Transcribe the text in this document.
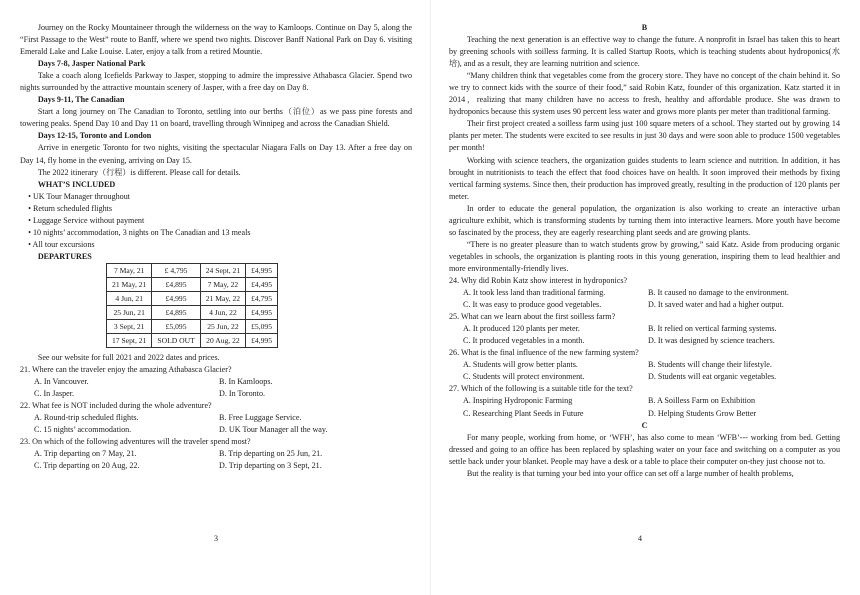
Journey on the Rocky Mountaineer through the wilderness on the way to Kamloops. Continue on Day 5, along the “First Passage to the West” route to Banff, where we spend two nights. Discover Banff National Park on Day 6. visiting Emerald Lake and Lake Louise. Later, enjoy a talk from a retired Mountie.

Days 7-8, Jasper National Park

Take a coach along Icefields Parkway to Jasper, stopping to admire the impressive Athabasca Glacier. Spend two nights surrounded by the attractive mountain scenery of Jasper, with a free day on Day 8.

Days 9-11, The Canadian

Start a long journey on The Canadian to Toronto, settling into our berths（泊位）as we pass pine forests and towering peaks. Spend Day 10 and Day 11 on board, travelling through Winnipeg and across the Canadian Shield.

Days 12-15, Toronto and London

Arrive in energetic Toronto for two nights, visiting the spectacular Niagara Falls on Day 13. After a free day on Day 14, fly home in the evening, arriving on Day 15.

The 2022 itinerary（行程）is different. Please call for details.

WHAT’S INCLUDED

• UK Tour Manager throughout

• Return scheduled flights

• Luggage Service without payment

• 10 nights’ accommodation, 3 nights on The Canadian and 13 meals

• All tour excursions

DEPARTURES

7 May, 21	£ 4,795	24 Sept, 21	£4,995
21 May, 21	£4,895	7 May, 22	£4,495
4 Jun, 21	£4,995	21 May, 22	£4,795
25 Jun, 21	£4,895	4 Jun, 22	£4,995
3 Sept, 21	£5,095	25 Jun, 22	£5,095
17 Sept, 21	SOLD OUT	20 Aug, 22	£4,995

See our website for full 2021 and 2022 dates and prices.

21. Where can the traveler enjoy the amazing Athabasca Glacier?

A. In Vancouver.	B. In Kamloops.
C. In Jasper.	D. In Toronto.

22. What fee is NOT included during the whole adventure?

A. Round-trip scheduled flights.	B. Free Luggage Service.
C. 15 nights’ accommodation.	D. UK Tour Manager all the way.

23. On which of the following adventures will the traveler spend most?

A. Trip departing on 7 May, 21.	B. Trip departing on 25 Jun, 21.
C. Trip departing on 20 Aug, 22.	D. Trip departing on 3 Sept, 21.
3

B

Teaching the next generation is an effective way to change the future. A nonprofit in Israel has taken this to heart by greening schools with soilless farming. It is called Startup Roots, which is teaching students about hydroponics(水培), and as a result, they are learning nutrition and science.

“Many children think that vegetables come from the grocery store. They have no concept of the chain behind it. So we try to connect kids with the source of their food,” said Robin Katz, founder of this organization. Katz started it in 2014，realizing that many children have no access to fresh, healthy and affordable produce. She was drawn to hydroponics because this system uses 90 percent less water and grows more plants per meter than traditional farming.

Their first project created a soilless farm using just 100 square meters of a school. They started out by growing 14 plants per meter. The students were excited to see results in just 30 days and were soon able to produce 1500 vegetables per month!

Working with science teachers, the organization guides students to learn science and nutrition. In addition, it has brought in nutritionists to teach the effect that food choices have on health. It soon improved their methods by fixing vertical farming systems. Since then, their production has improved greatly, resulting in the production of 120 plants per meter.

In order to educate the general population, the organization is also working to create an interactive urban agriculture exhibit, which is transforming students by turning them into interactive learners. More youth have become so fascinated by the process, they are eagerly researching plant seeds and are growing plants.

“There is no greater pleasure than to watch students grow by growing,” said Katz. Aside from producing organic vegetables in schools, the organization is planting roots in this young generation, inspiring them to lead healthier and more environmentally-friendly lives.

24. Why did Robin Katz show interest in hydroponics?

A. It took less land than traditional farming.	B. It caused no damage to the environment.
C. It was easy to produce good vegetables.	D. It saved water and had a higher output.

25. What can we learn about the first soilless farm?

A. It produced 120 plants per meter.	B. It relied on vertical farming systems.
C. It produced vegetables in a month.	D. It was designed by science teachers.

26. What is the final influence of the new farming system?

A. Students will grow better plants.	B. Students will change their lifestyle.
C. Students will protect environment.	D. Students will eat organic vegetables.

27. Which of the following is a suitable title for the text?

A. Inspiring Hydroponic Farming	B. A Soilless Farm on Exhibition
C. Researching Plant Seeds in Future	D. Helping Students Grow Better

C

For many people, working from home, or ‘WFH’, has also come to mean ‘WFB’--- working from bed. Getting dressed and going to an office has been replaced by splashing water on your face and switching on a computer as you settle back under your blanket. People may have a desk or a table to place their computer on-they just choose not to.

But the reality is that turning your bed into your office can set off a large number of health problems,

4
